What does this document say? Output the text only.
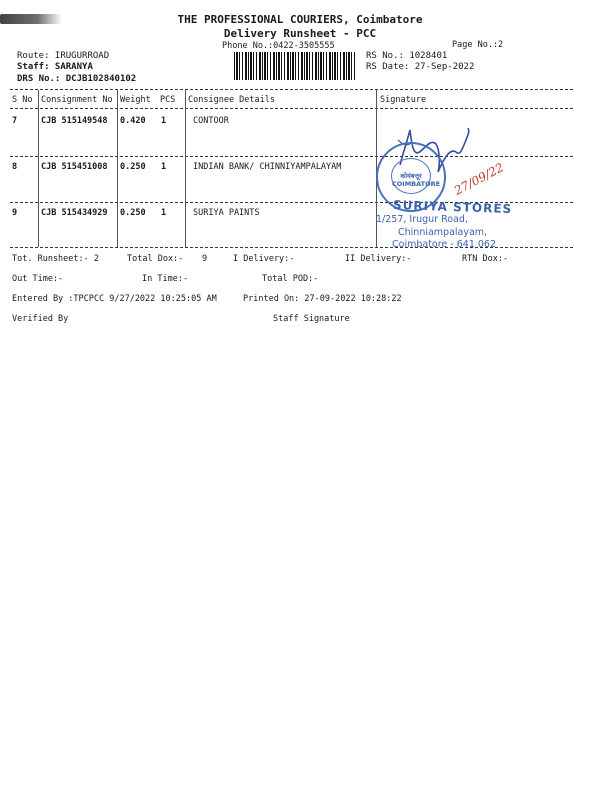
THE PROFESSIONAL COURIERS, Coimbatore
Delivery Runsheet - PCC
Phone No.:0422-3505555	Page No.:2
Route: IRUGURROAD
Staff: SARANYA
DRS No.: DCJB102840102
RS No.: 1028401
RS Date: 27-Sep-2022
S No Consignment No Weight PCS Consignee Details	Signature
7	CJB 515149548 0.420 1	CONTOOR
8	CJB 515451008 0.250 1	INDIAN BANK/ CHINNIYAMPALAYAM
9	CJB 515434929 0.250 1	SURIYA PAINTS
कोयंबत्तूर COIMBATORE 27/09/22
SURIYA STORES
1/257, Irugur Road,
Chinniampalayam,
Coimbatore - 641 062
Tot. Runsheet:- 2	Total Dox:- 9	I Delivery:-	II Delivery:-	RTN Dox:-
Out Time:-	In Time:-	Total POD:-
Entered By :TPCPCC 9/27/2022 10:25:05 AM	Printed On: 27-09-2022 10:28:22
Verified By	Staff Signature
